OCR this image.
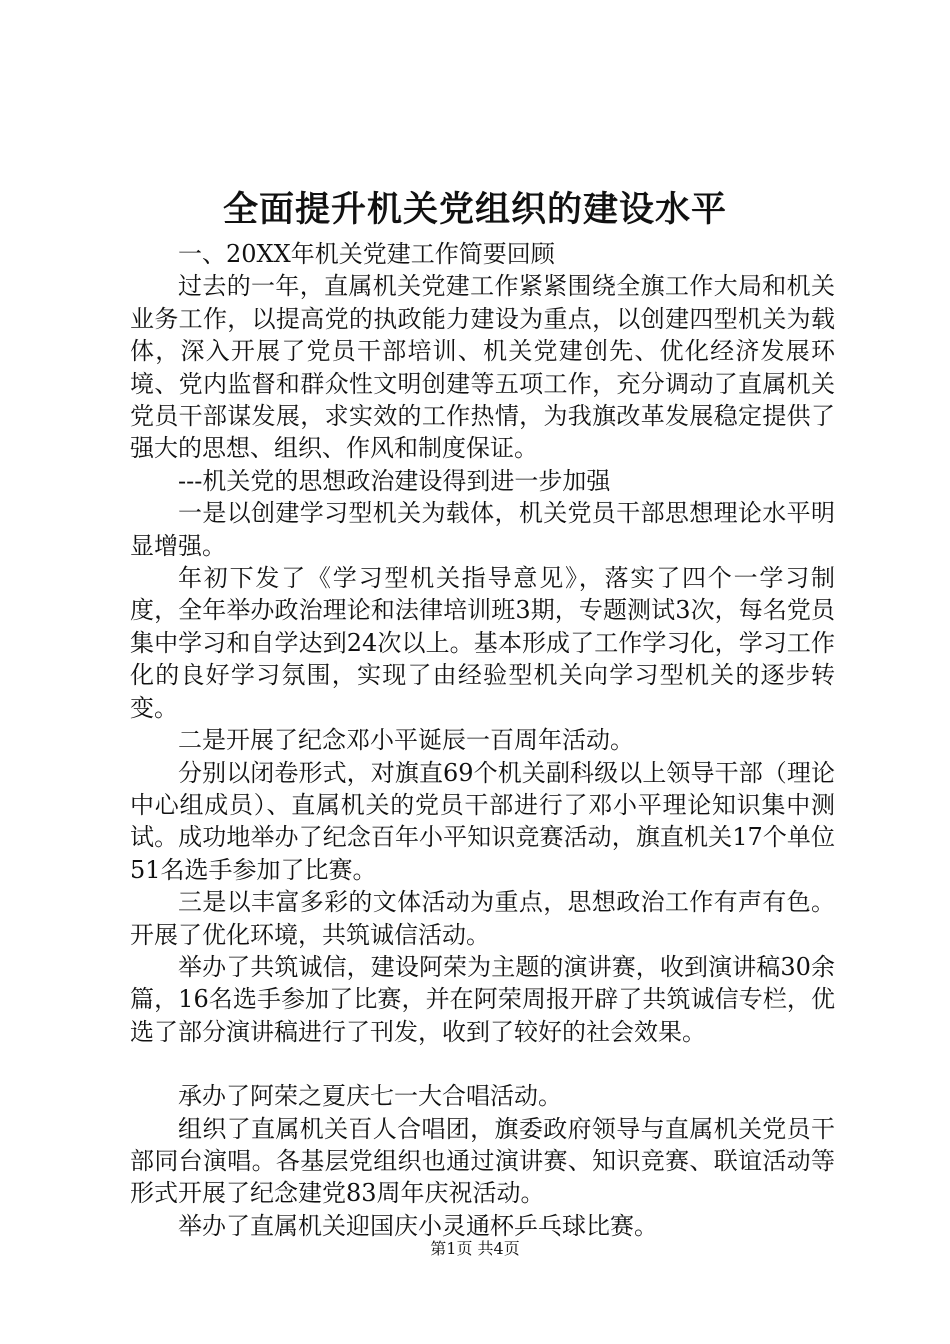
全面提升机关党组织的建设水平

一、20XX年机关党建工作简要回顾

过去的一年，直属机关党建工作紧紧围绕全旗工作大局和机关业务工作，以提高党的执政能力建设为重点，以创建四型机关为载体，深入开展了党员干部培训、机关党建创先、优化经济发展环境、党内监督和群众性文明创建等五项工作，充分调动了直属机关党员干部谋发展，求实效的工作热情，为我旗改革发展稳定提供了强大的思想、组织、作风和制度保证。

---机关党的思想政治建设得到进一步加强

一是以创建学习型机关为载体，机关党员干部思想理论水平明显增强。

年初下发了《学习型机关指导意见》，落实了四个一学习制度，全年举办政治理论和法律培训班3期，专题测试3次，每名党员集中学习和自学达到24次以上。基本形成了工作学习化，学习工作化的良好学习氛围，实现了由经验型机关向学习型机关的逐步转变。

二是开展了纪念邓小平诞辰一百周年活动。

分别以闭卷形式，对旗直69个机关副科级以上领导干部（理论中心组成员）、直属机关的党员干部进行了邓小平理论知识集中测试。成功地举办了纪念百年小平知识竞赛活动，旗直机关17个单位51名选手参加了比赛。

三是以丰富多彩的文体活动为重点，思想政治工作有声有色。开展了优化环境，共筑诚信活动。

举办了共筑诚信，建设阿荣为主题的演讲赛，收到演讲稿30余篇，16名选手参加了比赛，并在阿荣周报开辟了共筑诚信专栏，优选了部分演讲稿进行了刊发，收到了较好的社会效果。

承办了阿荣之夏庆七一大合唱活动。

组织了直属机关百人合唱团，旗委政府领导与直属机关党员干部同台演唱。各基层党组织也通过演讲赛、知识竞赛、联谊活动等形式开展了纪念建党83周年庆祝活动。

举办了直属机关迎国庆小灵通杯乒乓球比赛。

第1页 共4页
